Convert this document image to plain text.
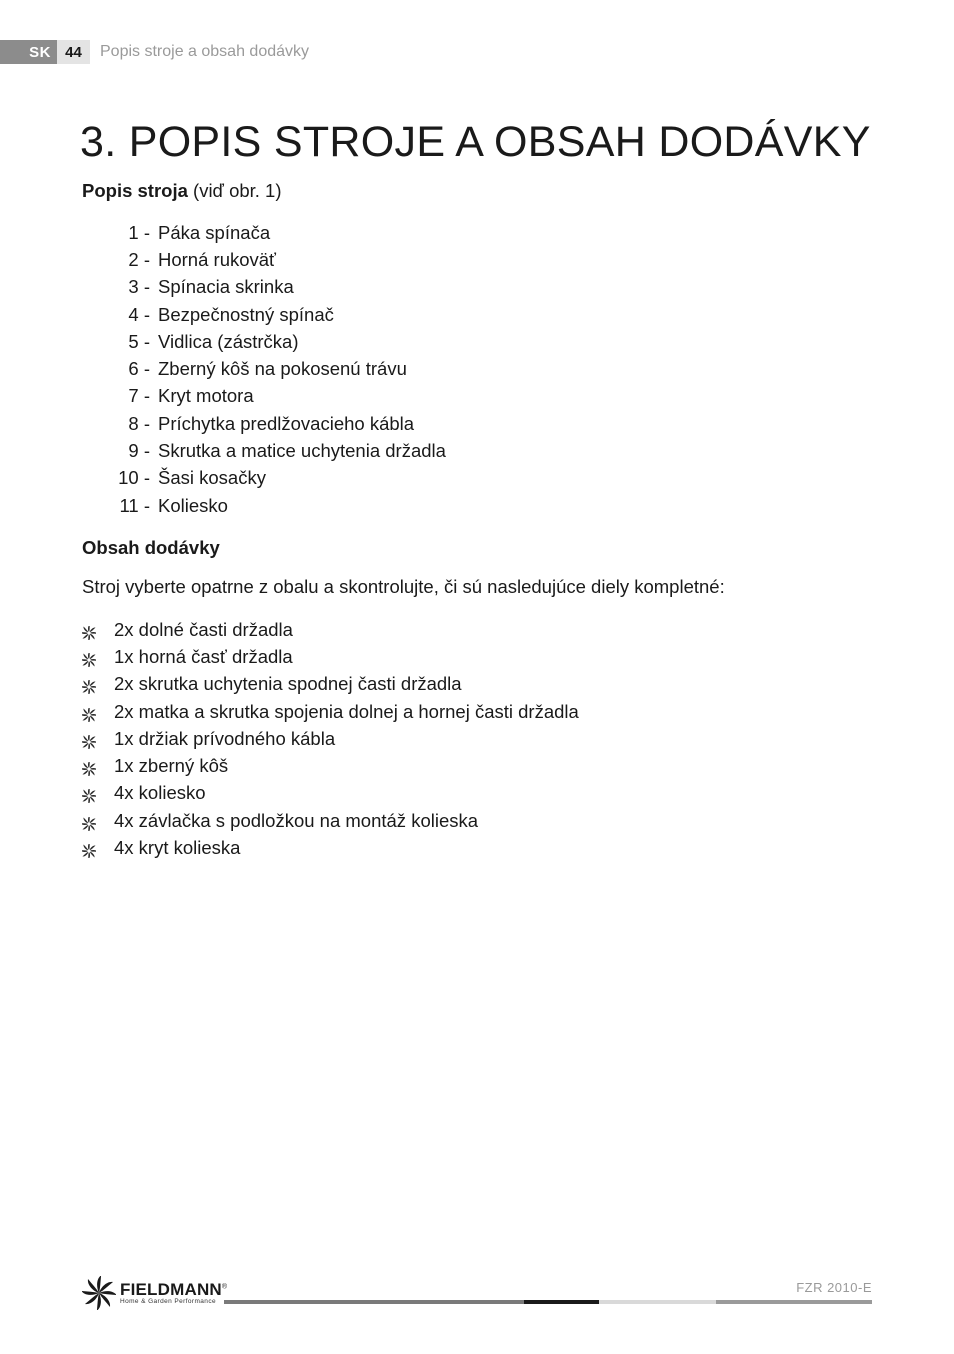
SK 44	Popis stroje a obsah dodávky
3. POPIS STROJE A OBSAH DODÁVKY

Popis stroja (viď obr. 1)

1 - Páka spínača
2 - Horná rukoväť
3 - Spínacia skrinka
4 - Bezpečnostný spínač
5 - Vidlica (zástrčka)
6 - Zberný kôš na pokosenú trávu
7 - Kryt motora
8 - Príchytka predlžovacieho kábla
9 - Skrutka a matice uchytenia držadla
10 - Šasi kosačky
11 - Koliesko

Obsah dodávky

Stroj vyberte opatrne z obalu a skontrolujte, či sú nasledujúce diely kompletné:

2x dolné časti držadla
1x horná časť držadla
2x skrutka uchytenia spodnej časti držadla
2x matka a skrutka spojenia dolnej a hornej časti držadla
1x držiak prívodného kábla
1x zberný kôš
4x koliesko
4x závlačka s podložkou na montáž kolieska
4x kryt kolieska
FIELDMANN®
Home & Garden Performance
FZR 2010-E
